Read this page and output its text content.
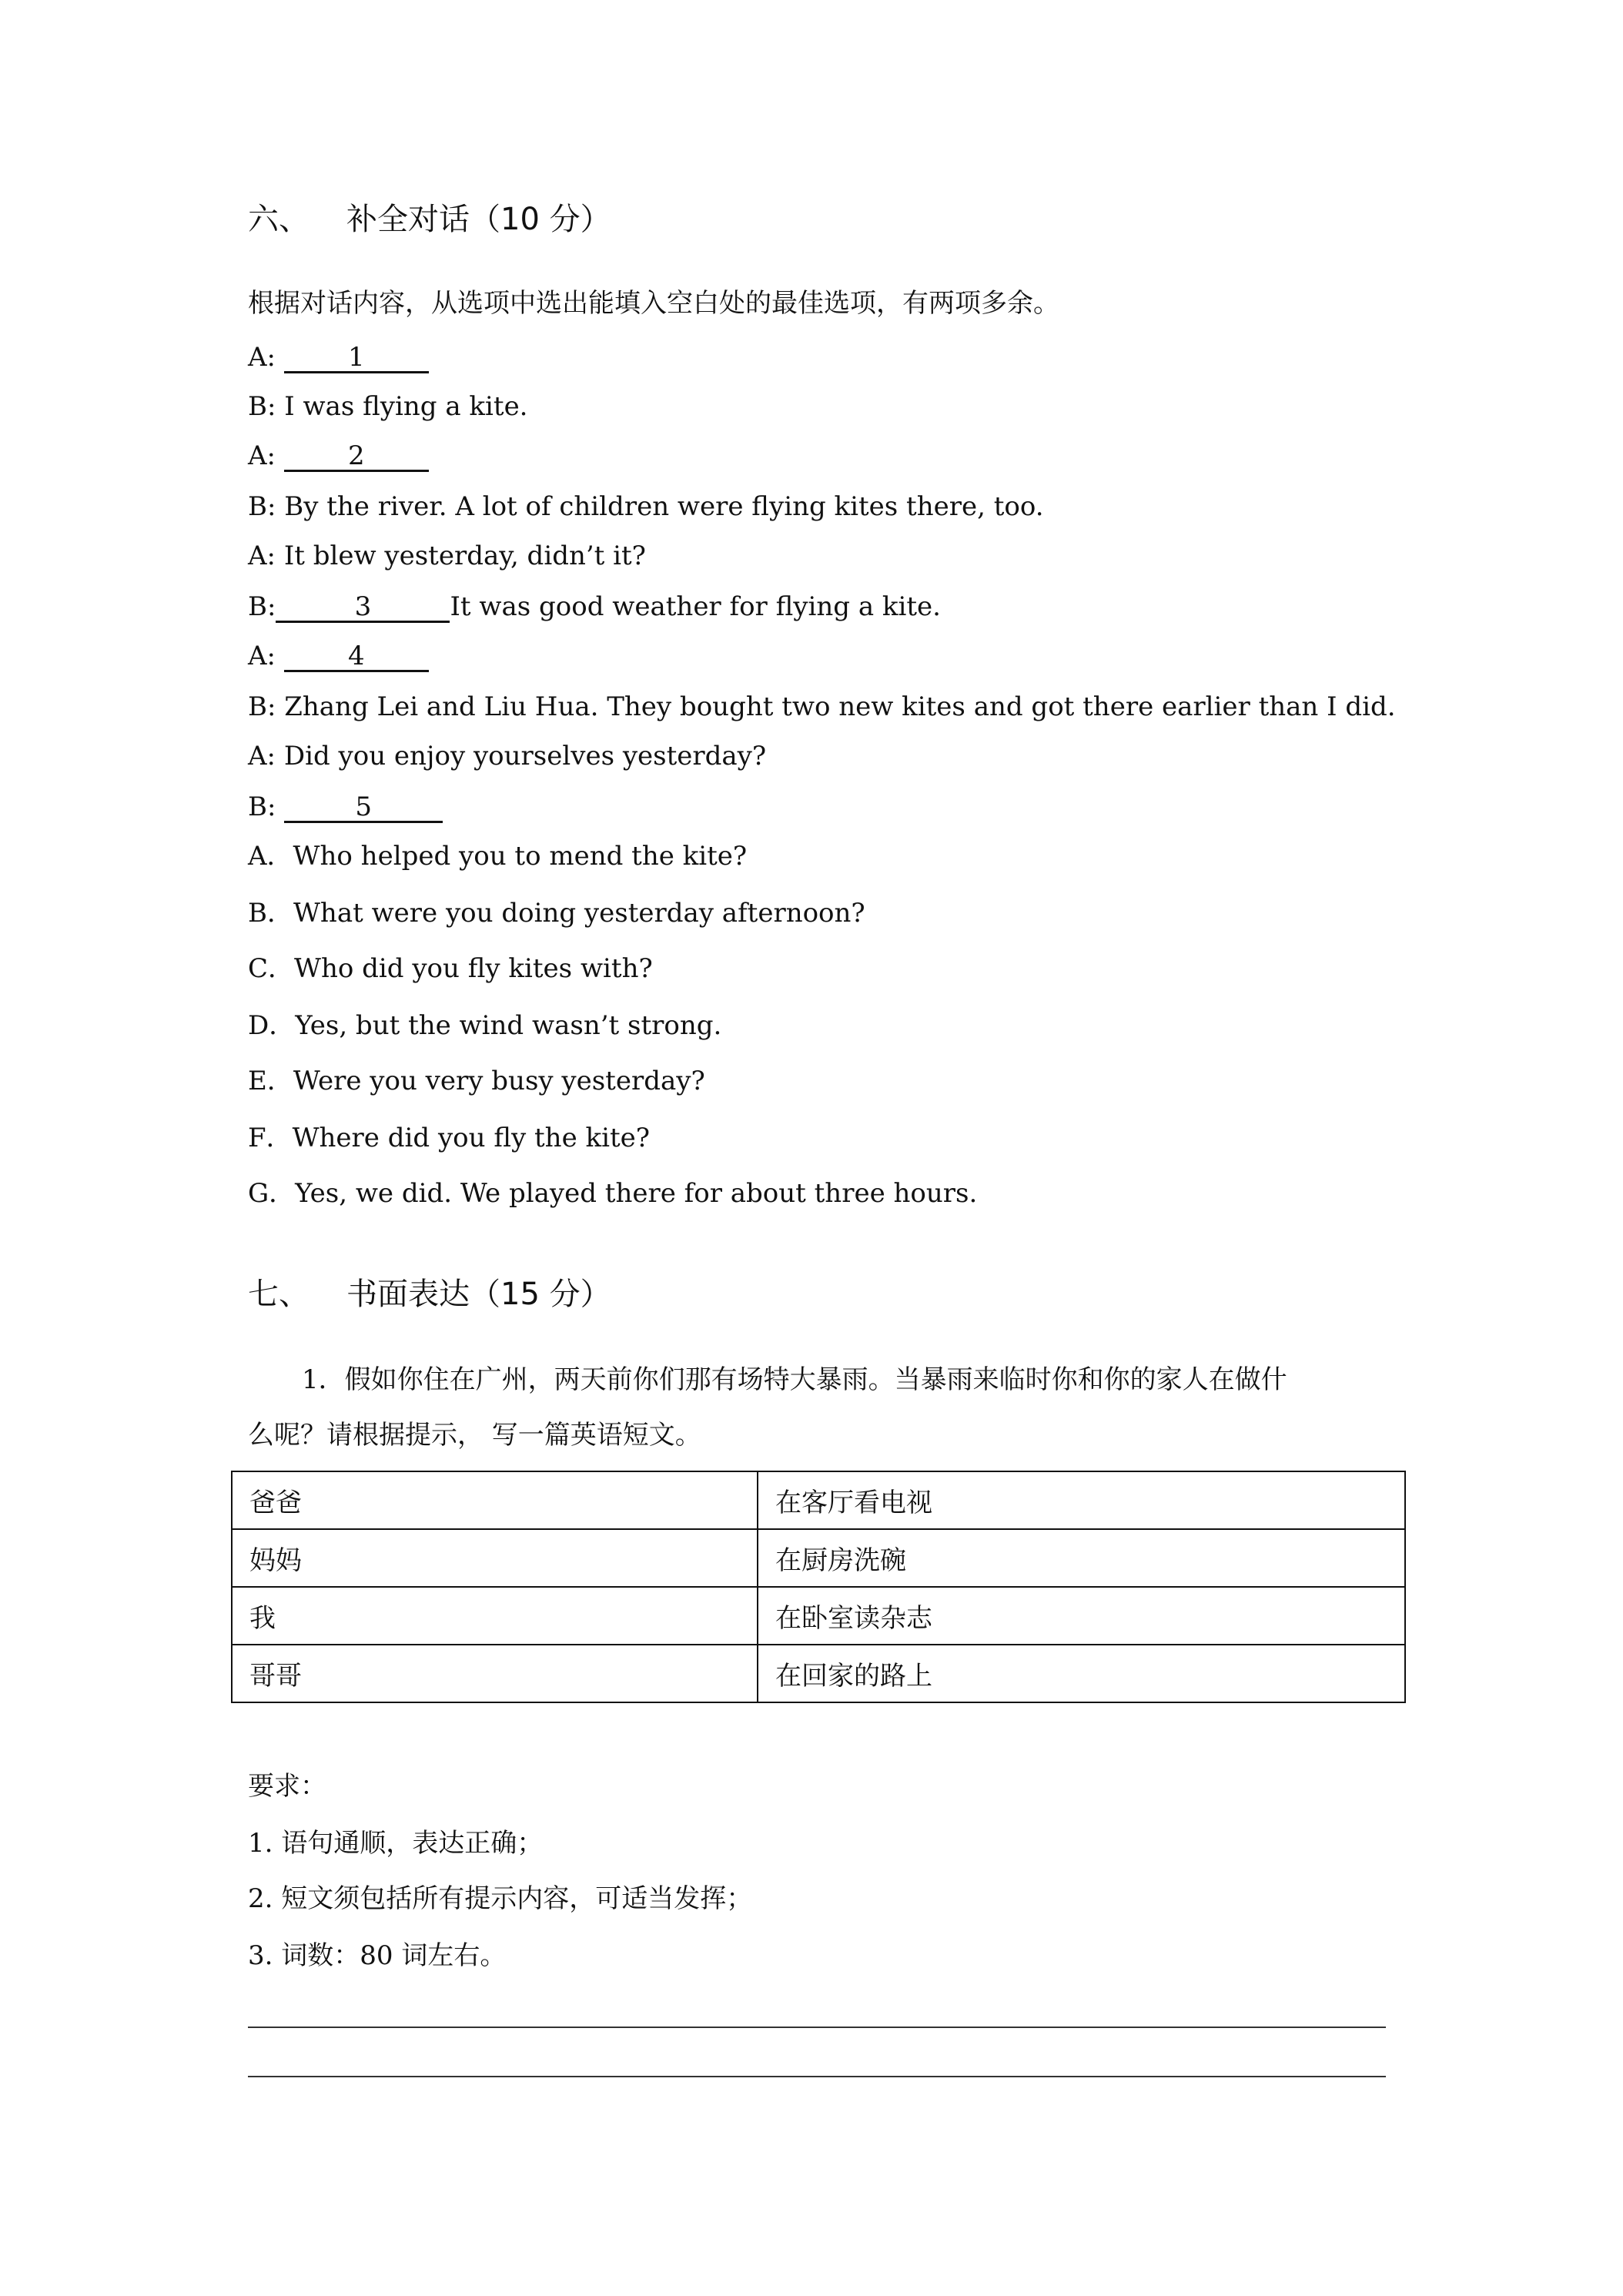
六、 补全对话（10 分）
根据对话内容，从选项中选出能填入空白处的最佳选项，有两项多余。
A: 1
B: I was flying a kite.
A: 2
B: By the river. A lot of children were flying kites there, too.
A: It blew yesterday, didn’t it?
B:	3	It was good weather for flying a kite.
A: 4
B: Zhang Lei and Liu Hua. They bought two new kites and got there earlier than I did.
A: Did you enjoy yourselves yesterday?
B:	5
A．Who helped you to mend the kite?
B．What were you doing yesterday afternoon?
C．Who did you fly kites with?
D．Yes, but the wind wasn’t strong.
E．Were you very busy yesterday?
F．Where did you fly the kite?
G．Yes, we did. We played there for about three hours.
七、 书面表达（15 分）
1．假如你住在广州，两天前你们那有场特大暴雨。当暴雨来临时你和你的家人在做什
么呢？请根据提示， 写一篇英语短文。
爸爸	在客厅看电视
妈妈	在厨房洗碗
我	在卧室读杂志
哥哥	在回家的路上
要求：
1. 语句通顺，表达正确；
2. 短文须包括所有提示内容，可适当发挥；
3. 词数：80 词左右。
